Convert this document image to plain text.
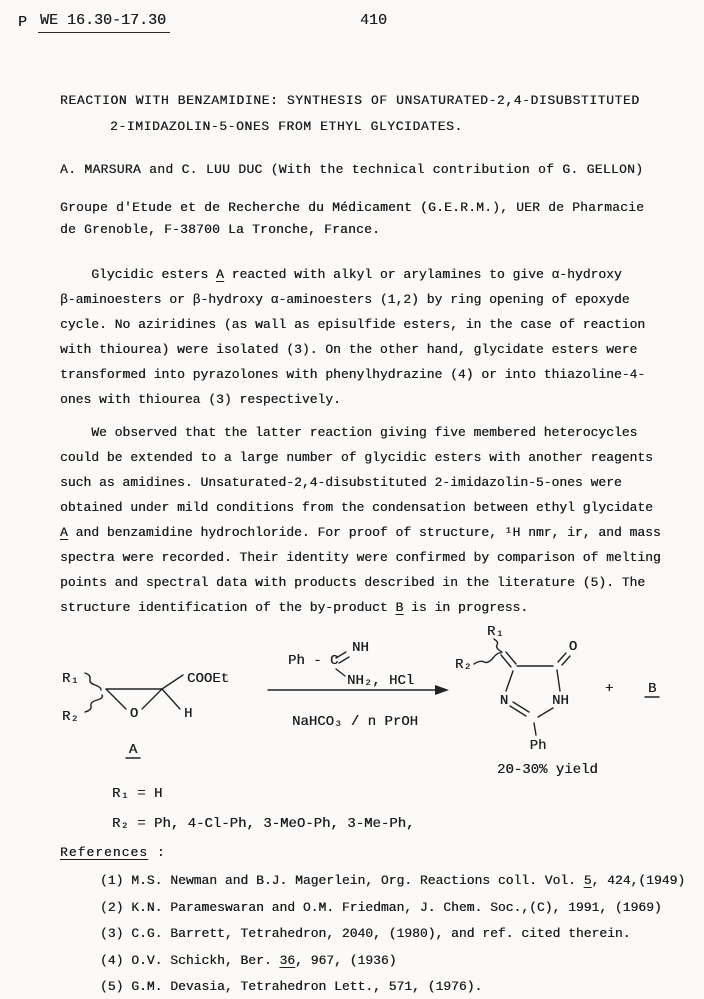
P WE 16.30-17.30	410
REACTION WITH BENZAMIDINE: SYNTHESIS OF UNSATURATED-2,4-DISUBSTITUTED
2-IMIDAZOLIN-5-ONES FROM ETHYL GLYCIDATES.
A. MARSURA and C. LUU DUC (With the technical contribution of G. GELLON)
Groupe d'Etude et de Recherche du Médicament (G.E.R.M.), UER de Pharmacie
de Grenoble, F-38700 La Tronche, France.
Glycidic esters A reacted with alkyl or arylamines to give α-hydroxy
β-aminoesters or β-hydroxy α-aminoesters (1,2) by ring opening of epoxyde
cycle. No aziridines (as wall as episulfide esters, in the case of reaction
with thiourea) were isolated (3). On the other hand, glycidate esters were
transformed into pyrazolones with phenylhydrazine (4) or into thiazoline-4-
ones with thiourea (3) respectively.
We observed that the latter reaction giving five membered heterocycles
could be extended to a large number of glycidic esters with another reagents
such as amidines. Unsaturated-2,4-disubstituted 2-imidazolin-5-ones were
obtained under mild conditions from the condensation between ethyl glycidate
A and benzamidine hydrochloride. For proof of structure, ¹H nmr, ir, and mass
spectra were recorded. Their identity were confirmed by comparison of melting
points and spectral data with products described in the literature (5). The
structure identification of the by-product B is in progress.
R₁
R₂	O
COOEt
H
A
Ph - C
NH
NH₂, HCl
NaHCO₃ / n PrOH
R₁
R₂
O
NH
N
Ph
+ B
20-30% yield
R₁ = H
R₂ = Ph, 4-Cl-Ph, 3-MeO-Ph, 3-Me-Ph,
References :
(1) M.S. Newman and B.J. Magerlein, Org. Reactions coll. Vol. 5, 424,(1949)
(2) K.N. Parameswaran and O.M. Friedman, J. Chem. Soc.,(C), 1991, (1969)
(3) C.G. Barrett, Tetrahedron, 2040, (1980), and ref. cited therein.
(4) O.V. Schickh, Ber. 36, 967, (1936)
(5) G.M. Devasia, Tetrahedron Lett., 571, (1976).
